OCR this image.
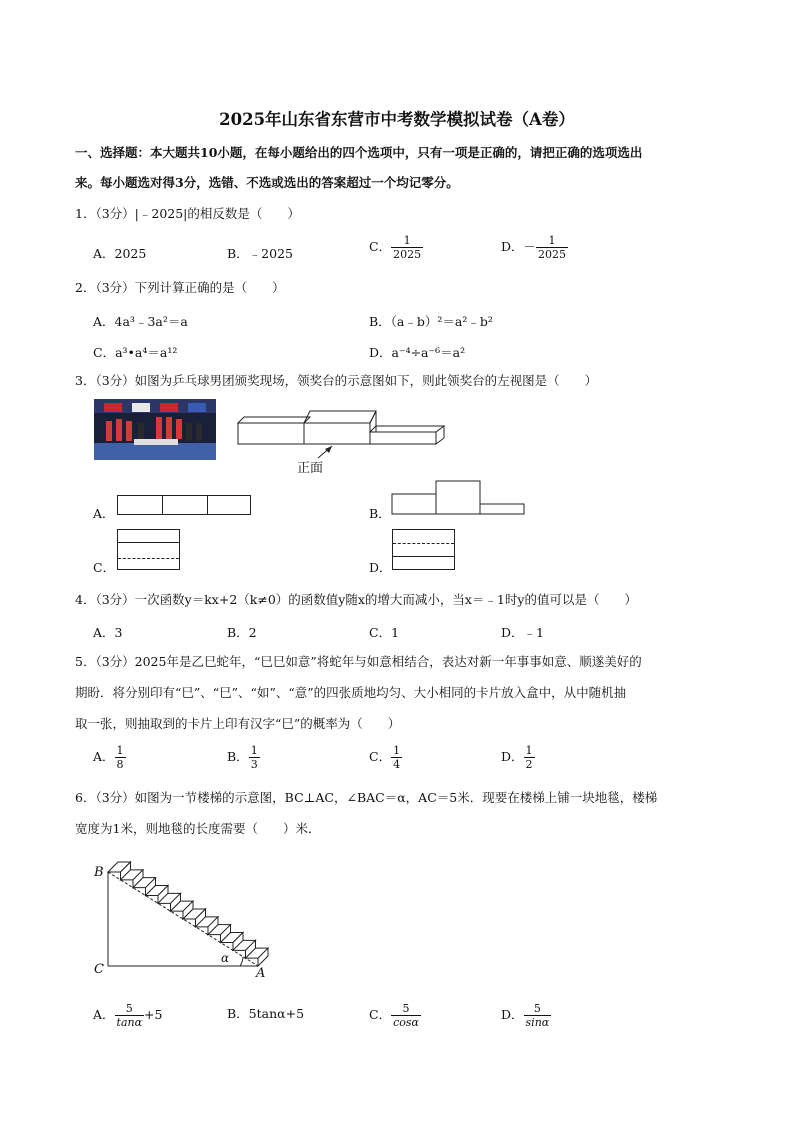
2025年山东省东营市中考数学模拟试卷（A卷）
一、选择题：本大题共10小题，在每小题给出的四个选项中，只有一项是正确的，请把正确的选项选出
来。每小题选对得3分，选错、不选或选出的答案超过一个均记零分。
1．（3分）|﹣2025|的相反数是（　　）
A．2025	B．﹣2025	C． $\frac{1}{2025}$	D．－ $\frac{1}{2025}$
2．（3分）下列计算正确的是（　　）
A．4a³﹣3a²＝a	B．（a﹣b）²＝a²﹣b²
C．a³•a⁴＝a¹²	D．a⁻⁴÷a⁻⁶＝a²
3．（3分）如图为乒乓球男团颁奖现场，领奖台的示意图如下，则此领奖台的左视图是（　　）
正面
A．	B．
C．	D．
4．（3分）一次函数y＝kx+2（k≠0）的函数值y随x的增大而减小，当x＝﹣1时y的值可以是（　　）
A．3	B．2	C．1	D．﹣1
5．（3分）2025年是乙巳蛇年，“巳巳如意”将蛇年与如意相结合，表达对新一年事事如意、顺遂美好的
期盼．将分别印有“巳”、“巳”、“如”、“意”的四张质地均匀、大小相同的卡片放入盒中，从中随机抽
取一张，则抽取到的卡片上印有汉字“巳”的概率为（　　）
A． $\frac{1}{8}$	B． $\frac{1}{3}$	C． $\frac{1}{4}$	D． $\frac{1}{2}$
6．（3分）如图为一节楼梯的示意图，BC⊥AC，∠BAC＝α，AC＝5米．现要在楼梯上铺一块地毯，楼梯
宽度为1米，则地毯的长度需要（　　）米．
B
C	A
α
A． $\frac{5}{\tan\alpha} +5$	B．5tanα+5	C． $\frac{5}{\cos\alpha}$	D． $\frac{5}{\sin\alpha}$
